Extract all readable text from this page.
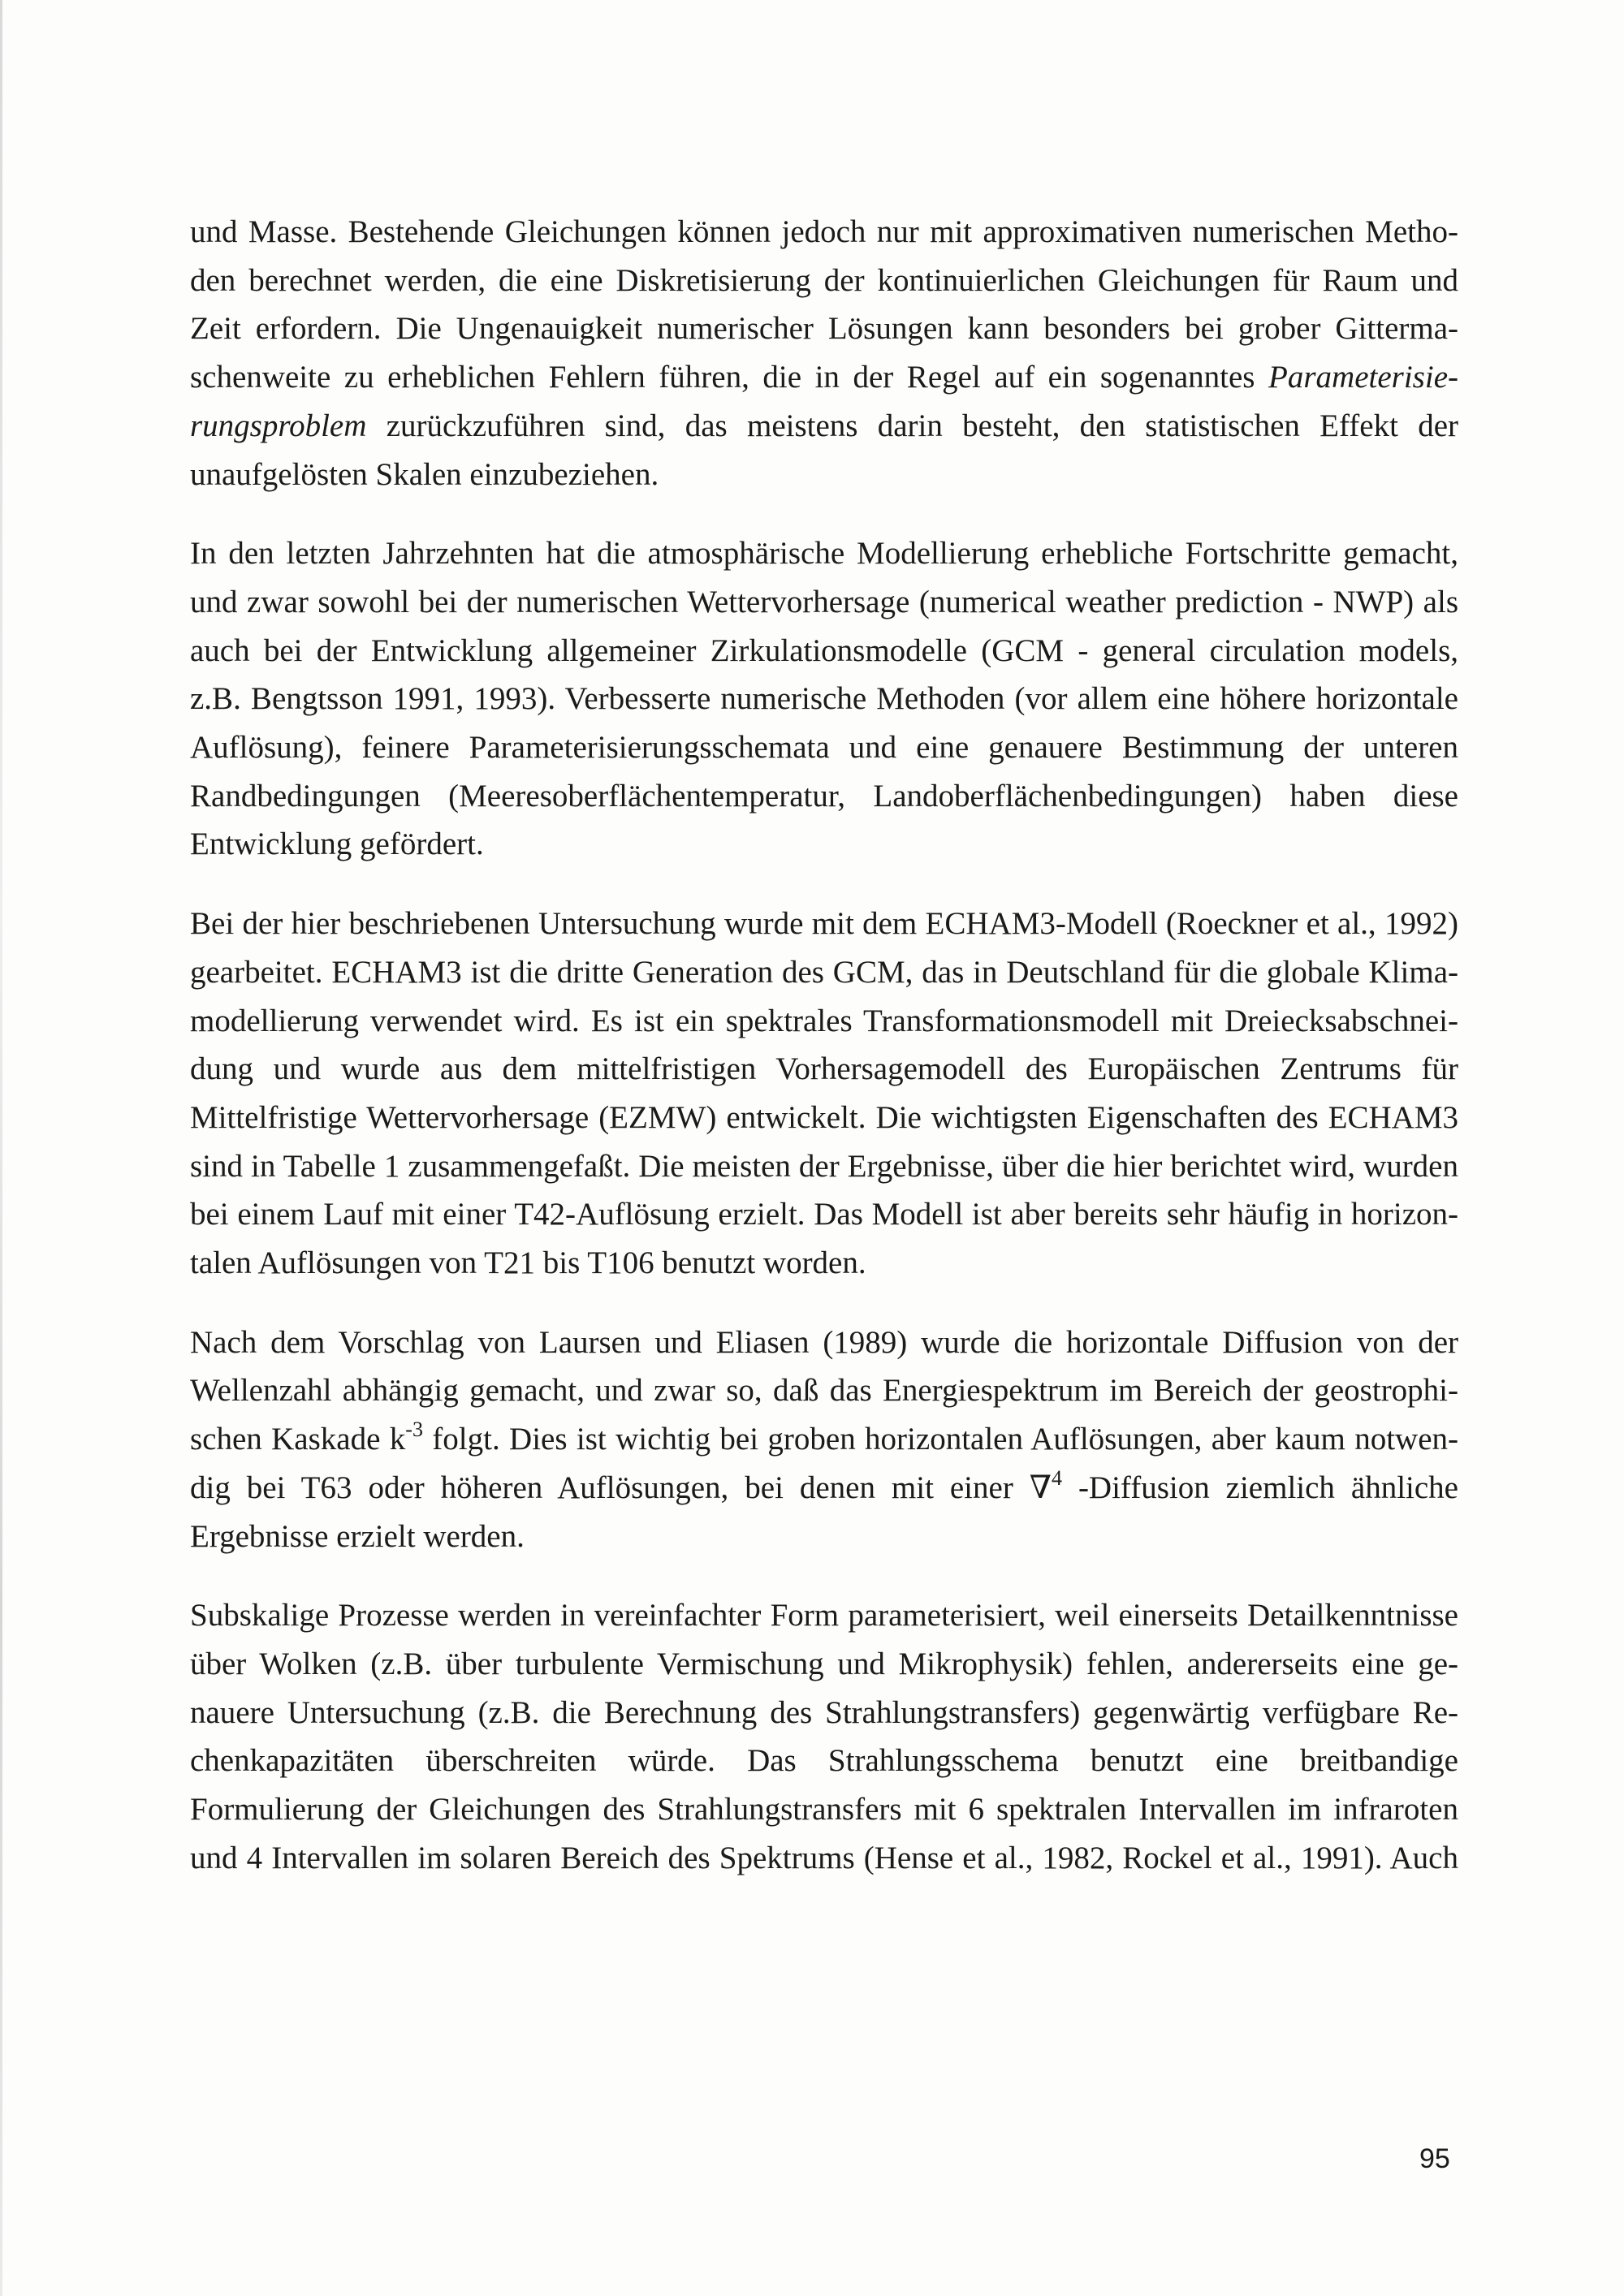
und Masse. Bestehende Gleichungen können jedoch nur mit approximativen numerischen Metho-
den berechnet werden, die eine Diskretisierung der kontinuierlichen Gleichungen für Raum und
Zeit erfordern. Die Ungenauigkeit numerischer Lösungen kann besonders bei grober Gitterma-
schenweite zu erheblichen Fehlern führen, die in der Regel auf ein sogenanntes Parameterisie-
rungsproblem zurückzuführen sind, das meistens darin besteht, den statistischen Effekt der
unaufgelösten Skalen einzubeziehen.

In den letzten Jahrzehnten hat die atmosphärische Modellierung erhebliche Fortschritte gemacht,
und zwar sowohl bei der numerischen Wettervorhersage (numerical weather prediction - NWP) als
auch bei der Entwicklung allgemeiner Zirkulationsmodelle (GCM - general circulation models,
z.B. Bengtsson 1991, 1993). Verbesserte numerische Methoden (vor allem eine höhere horizontale
Auflösung), feinere Parameterisierungsschemata und eine genauere Bestimmung der unteren
Randbedingungen (Meeresoberflächentemperatur, Landoberflächenbedingungen) haben diese
Entwicklung gefördert.

Bei der hier beschriebenen Untersuchung wurde mit dem ECHAM3-Modell (Roeckner et al., 1992)
gearbeitet. ECHAM3 ist die dritte Generation des GCM, das in Deutschland für die globale Klima-
modellierung verwendet wird. Es ist ein spektrales Transformationsmodell mit Dreiecksabschnei-
dung und wurde aus dem mittelfristigen Vorhersagemodell des Europäischen Zentrums für
Mittelfristige Wettervorhersage (EZMW) entwickelt. Die wichtigsten Eigenschaften des ECHAM3
sind in Tabelle 1 zusammengefaßt. Die meisten der Ergebnisse, über die hier berichtet wird, wurden
bei einem Lauf mit einer T42-Auflösung erzielt. Das Modell ist aber bereits sehr häufig in horizon-
talen Auflösungen von T21 bis T106 benutzt worden.

Nach dem Vorschlag von Laursen und Eliasen (1989) wurde die horizontale Diffusion von der
Wellenzahl abhängig gemacht, und zwar so, daß das Energiespektrum im Bereich der geostrophi-
schen Kaskade $k^{-3}$ folgt. Dies ist wichtig bei groben horizontalen Auflösungen, aber kaum notwen-
dig bei T63 oder höheren Auflösungen, bei denen mit einer ∇$^4$ -Diffusion ziemlich ähnliche
Ergebnisse erzielt werden.

Subskalige Prozesse werden in vereinfachter Form parameterisiert, weil einerseits Detailkenntnisse
über Wolken (z.B. über turbulente Vermischung und Mikrophysik) fehlen, andererseits eine ge-
nauere Untersuchung (z.B. die Berechnung des Strahlungstransfers) gegenwärtig verfügbare Re-
chenkapazitäten überschreiten würde. Das Strahlungsschema benutzt eine breitbandige
Formulierung der Gleichungen des Strahlungstransfers mit 6 spektralen Intervallen im infraroten
und 4 Intervallen im solaren Bereich des Spektrums (Hense et al., 1982, Rockel et al., 1991). Auch

95
